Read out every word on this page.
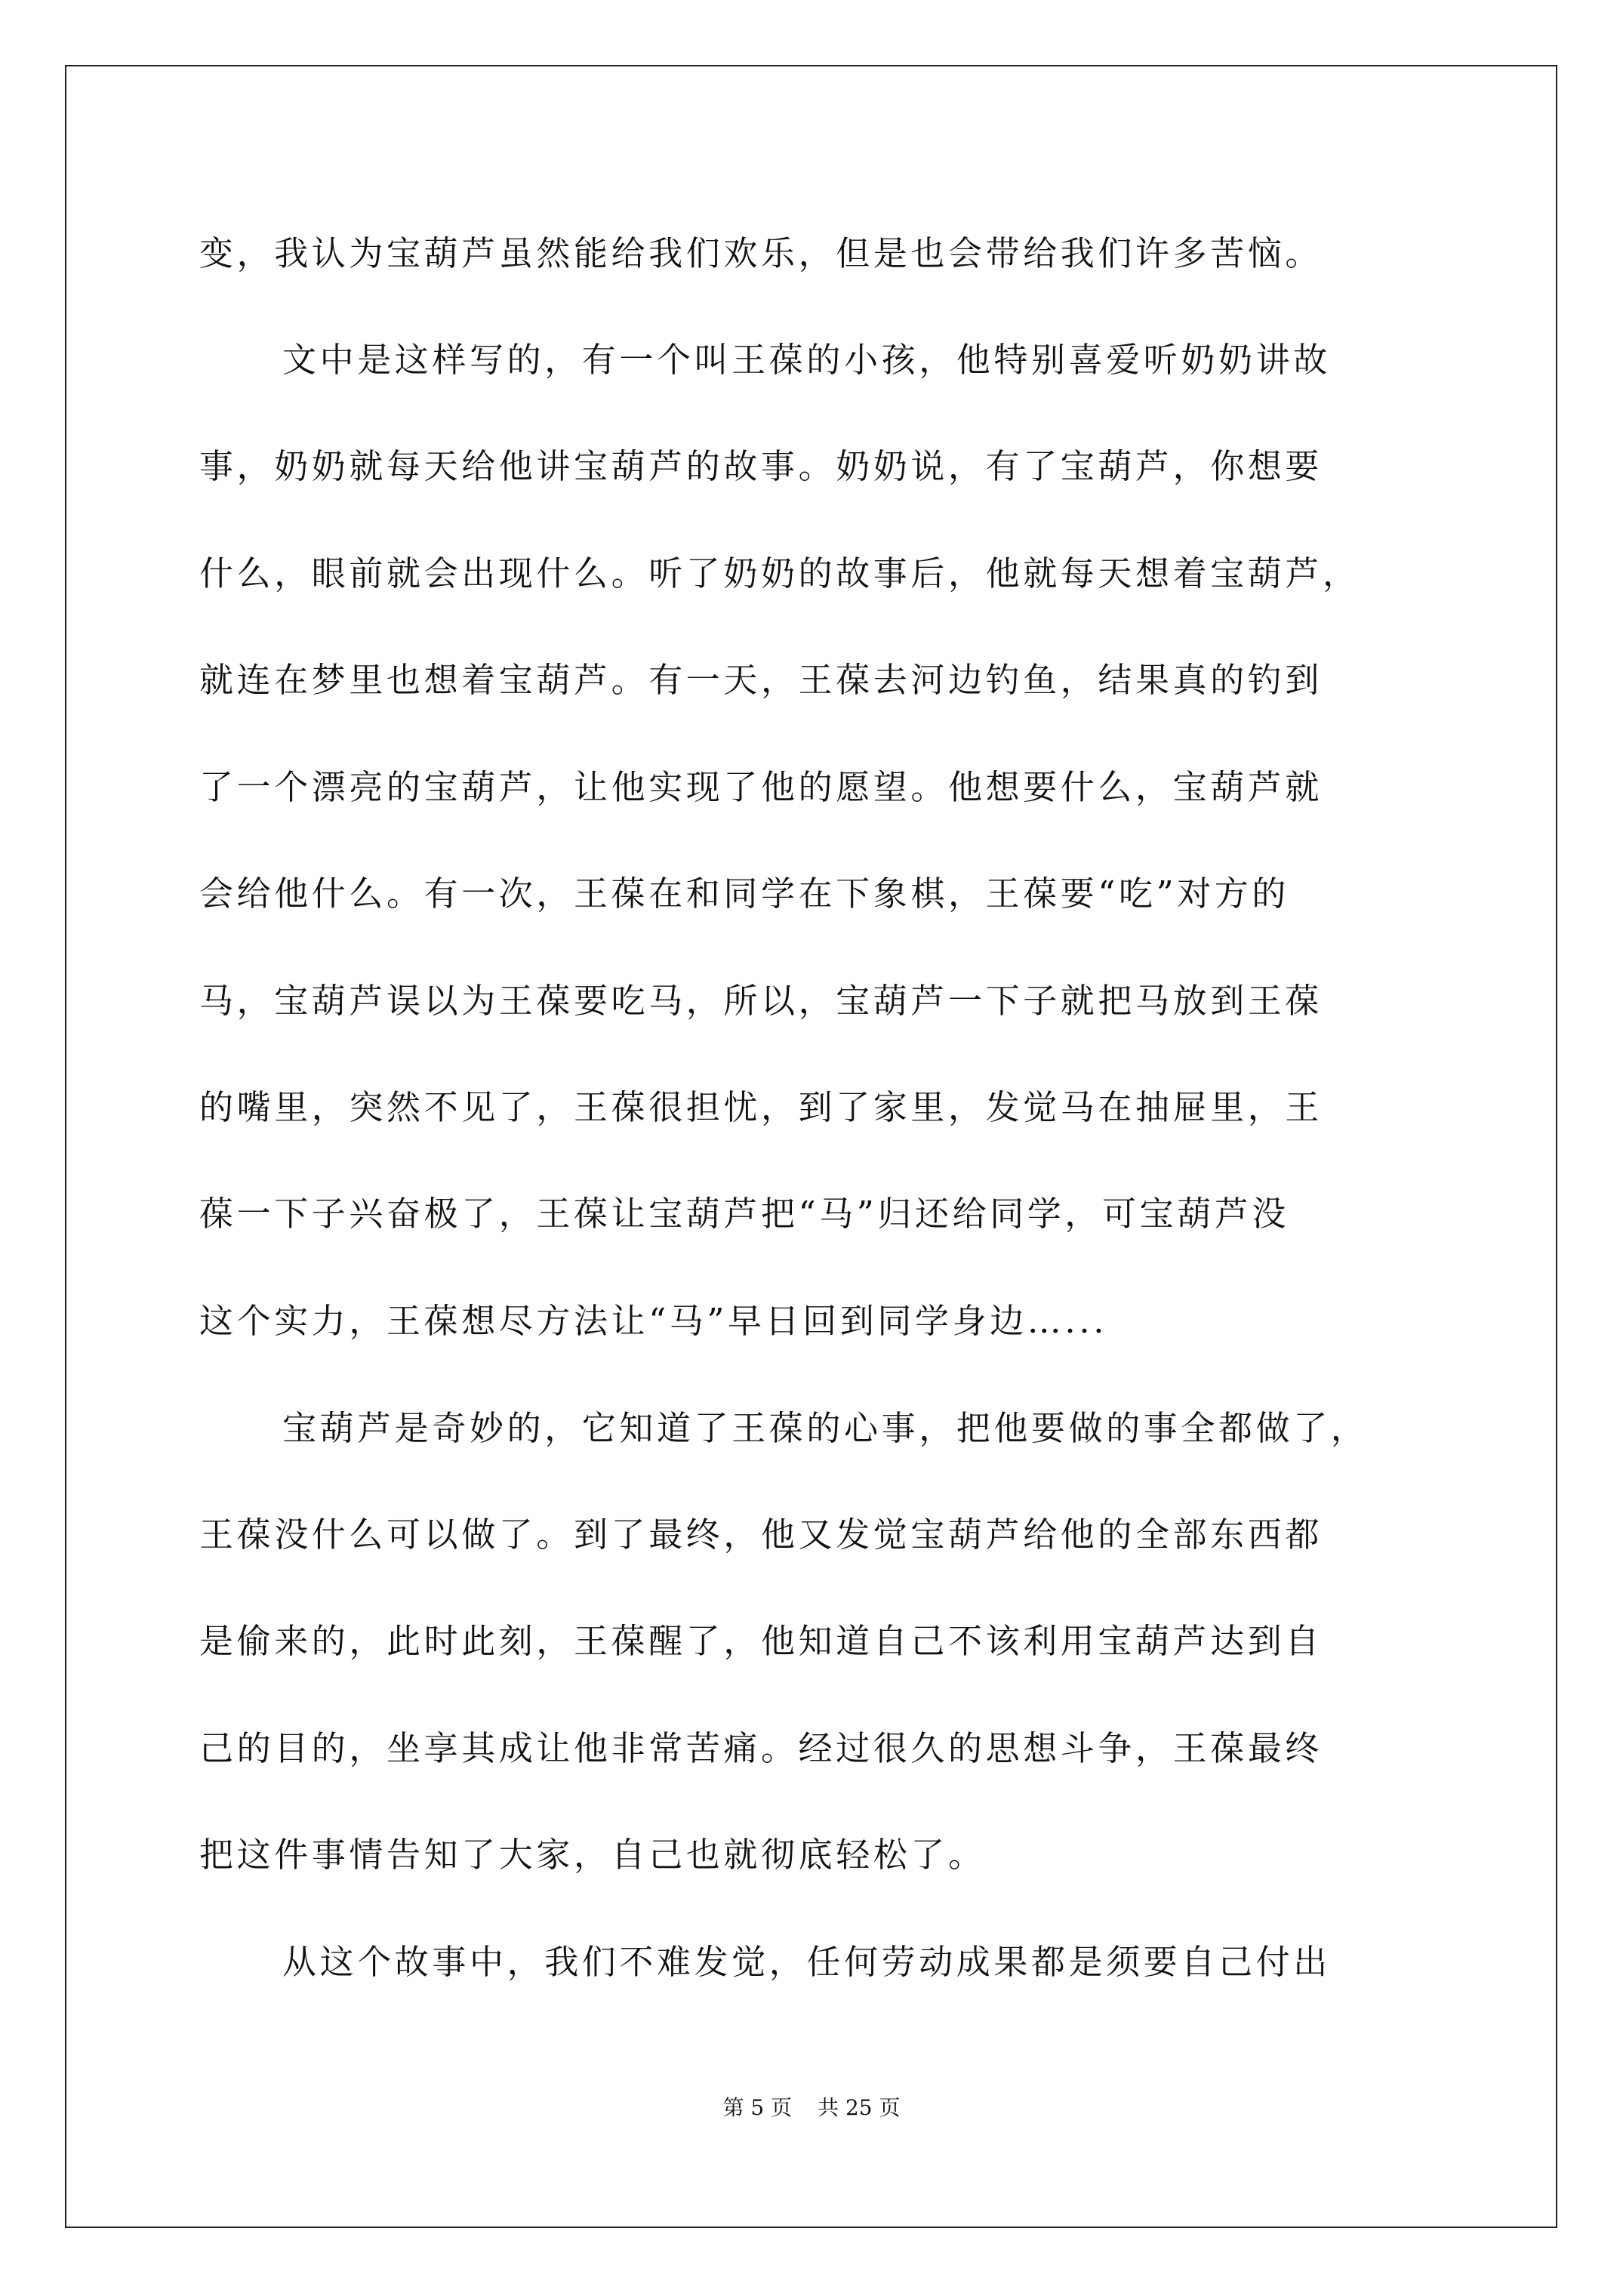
变，我认为宝葫芦虽然能给我们欢乐，但是也会带给我们许多苦恼。
文中是这样写的，有一个叫王葆的小孩，他特别喜爱听奶奶讲故
事，奶奶就每天给他讲宝葫芦的故事。奶奶说，有了宝葫芦，你想要
什么，眼前就会出现什么。听了奶奶的故事后，他就每天想着宝葫芦，
就连在梦里也想着宝葫芦。有一天，王葆去河边钓鱼，结果真的钓到
了一个漂亮的宝葫芦，让他实现了他的愿望。他想要什么，宝葫芦就
会给他什么。有一次，王葆在和同学在下象棋，王葆要“吃”对方的
马，宝葫芦误以为王葆要吃马，所以，宝葫芦一下子就把马放到王葆
的嘴里，突然不见了，王葆很担忧，到了家里，发觉马在抽屉里，王
葆一下子兴奋极了，王葆让宝葫芦把“马”归还给同学，可宝葫芦没
这个实力，王葆想尽方法让“马”早日回到同学身边…...
宝葫芦是奇妙的，它知道了王葆的心事，把他要做的事全都做了，
王葆没什么可以做了。到了最终，他又发觉宝葫芦给他的全部东西都
是偷来的，此时此刻，王葆醒了，他知道自己不该利用宝葫芦达到自
己的目的，坐享其成让他非常苦痛。经过很久的思想斗争，王葆最终
把这件事情告知了大家，自己也就彻底轻松了。
从这个故事中，我们不难发觉，任何劳动成果都是须要自己付出
第 5 页 共 25 页
